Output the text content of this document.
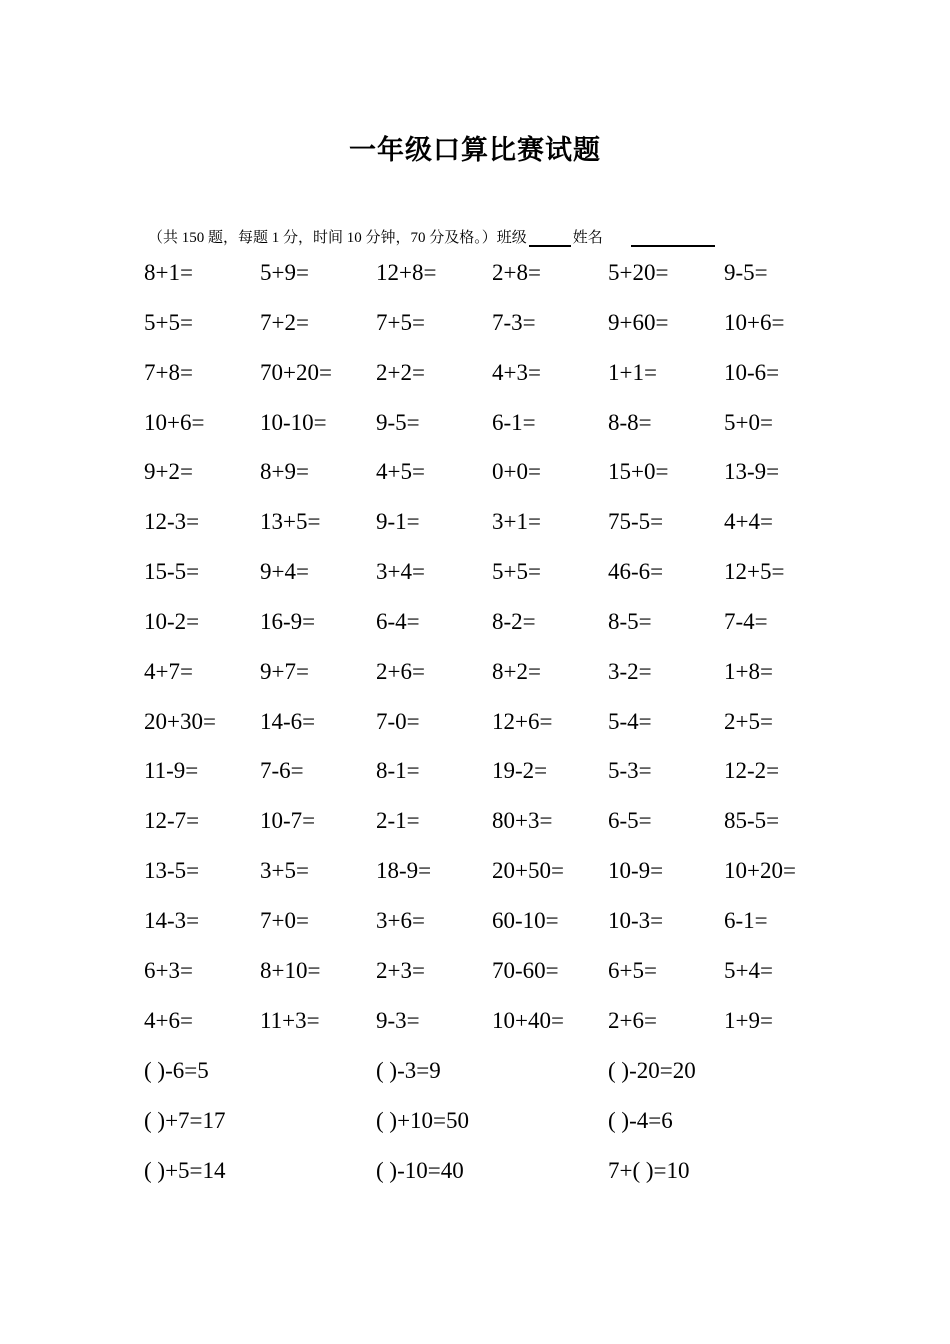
一年级口算比赛试题
（共 150 题，每题 1 分，时间 10 分钟，70 分及格。）班级	姓名
8+1=	5+9=	12+8=	2+8=	5+20=	9-5=
5+5=	7+2=	7+5=	7-3=	9+60=	10+6=
7+8=	70+20=	2+2=	4+3=	1+1=	10-6=
10+6=	10-10=	9-5=	6-1=	8-8=	5+0=
9+2=	8+9=	4+5=	0+0=	15+0=	13-9=
12-3=	13+5=	9-1=	3+1=	75-5=	4+4=
15-5=	9+4=	3+4=	5+5=	46-6=	12+5=
10-2=	16-9=	6-4=	8-2=	8-5=	7-4=
4+7=	9+7=	2+6=	8+2=	3-2=	1+8=
20+30=	14-6=	7-0=	12+6=	5-4=	2+5=
11-9=	7-6=	8-1=	19-2=	5-3=	12-2=
12-7=	10-7=	2-1=	80+3=	6-5=	85-5=
13-5=	3+5=	18-9=	20+50=	10-9=	10+20=
14-3=	7+0=	3+6=	60-10=	10-3=	6-1=
6+3=	8+10=	2+3=	70-60=	6+5=	5+4=
4+6=	11+3=	9-3=	10+40=	2+6=	1+9=
( )-6=5	( )-3=9	( )-20=20
( )+7=17	( )+10=50	( )-4=6
( )+5=14	( )-10=40	7+( )=10
